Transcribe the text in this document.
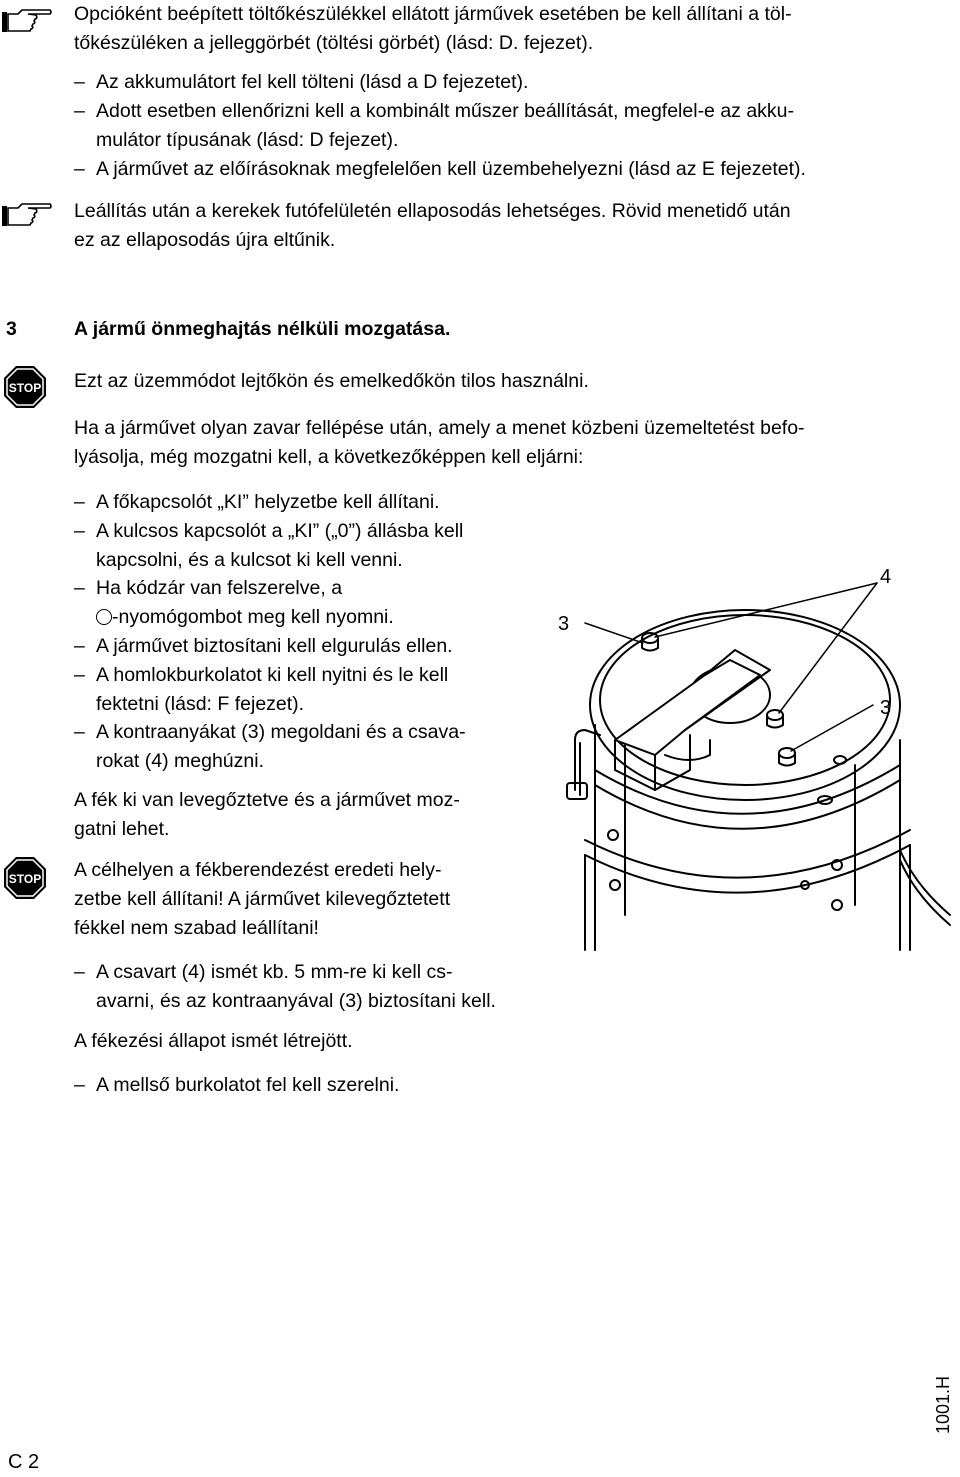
Opcióként beépített töltőkészülékkel ellátott járművek esetében be kell állítani a töl-
tőkészüléken a jelleggörbét (töltési görbét) (lásd: D. fejezet).

– Az akkumulátort fel kell tölteni (lásd a D fejezetet).
– Adott esetben ellenőrizni kell a kombinált műszer beállítását, megfelel-e az akku-
mulátor típusának (lásd: D fejezet).
– A járművet az előírásoknak megfelelően kell üzembehelyezni (lásd az E fejezetet).

Leállítás után a kerekek futófelületén ellaposodás lehetséges. Rövid menetidő után
ez az ellaposodás újra eltűnik.

3	A jármű önmeghajtás nélküli mozgatása.
STOP Ezt az üzemmódot lejtőkön és emelkedőkön tilos használni.

Ha a járművet olyan zavar fellépése után, amely a menet közbeni üzemeltetést befo-
lyásolja, még mozgatni kell, a következőképpen kell eljárni:

– A főkapcsolót „KI” helyzetbe kell állítani.
– A kulcsos kapcsolót a „KI” („0”) állásba kell
kapcsolni, és a kulcsot ki kell venni.
– Ha kódzár van felszerelve, a
-nyomógombot meg kell nyomni.
– A járművet biztosítani kell elgurulás ellen.
– A homlokburkolatot ki kell nyitni és le kell
fektetni (lásd: F fejezet).
– A kontraanyákat (3) megoldani és a csava-
rokat (4) meghúzni.

A fék ki van levegőztetve és a járművet moz-
gatni lehet.

STOP A célhelyen a fékberendezést eredeti hely-
zetbe kell állítani! A járművet kilevegőztetett
fékkel nem szabad leállítani!

– A csavart (4) ismét kb. 5 mm-re ki kell cs-
avarni, és az kontraanyával (3) biztosítani kell.
A fékezési állapot ismét létrejött.
– A mellső burkolatot fel kell szerelni.
4
3
3
C 2
1001.H
